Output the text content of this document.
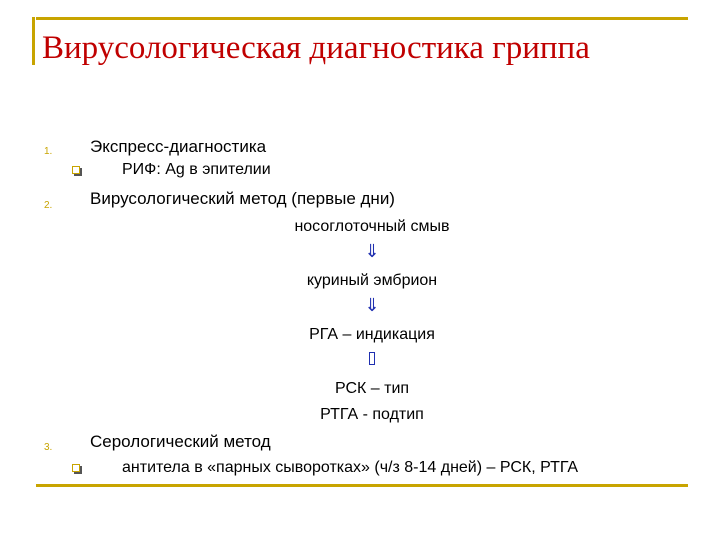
Вирусологическая диагностика гриппа
1. Экспресс-диагностика
РИФ: Ag в эпителии
2. Вирусологический метод (первые дни)
носоглоточный смыв
⇓
куриный эмбрион
⇓
РГА – индикация
РСК – тип
РТГА - подтип
3. Серологический метод
антитела в «парных сыворотках» (ч/з 8-14 дней) – РСК, РТГА
